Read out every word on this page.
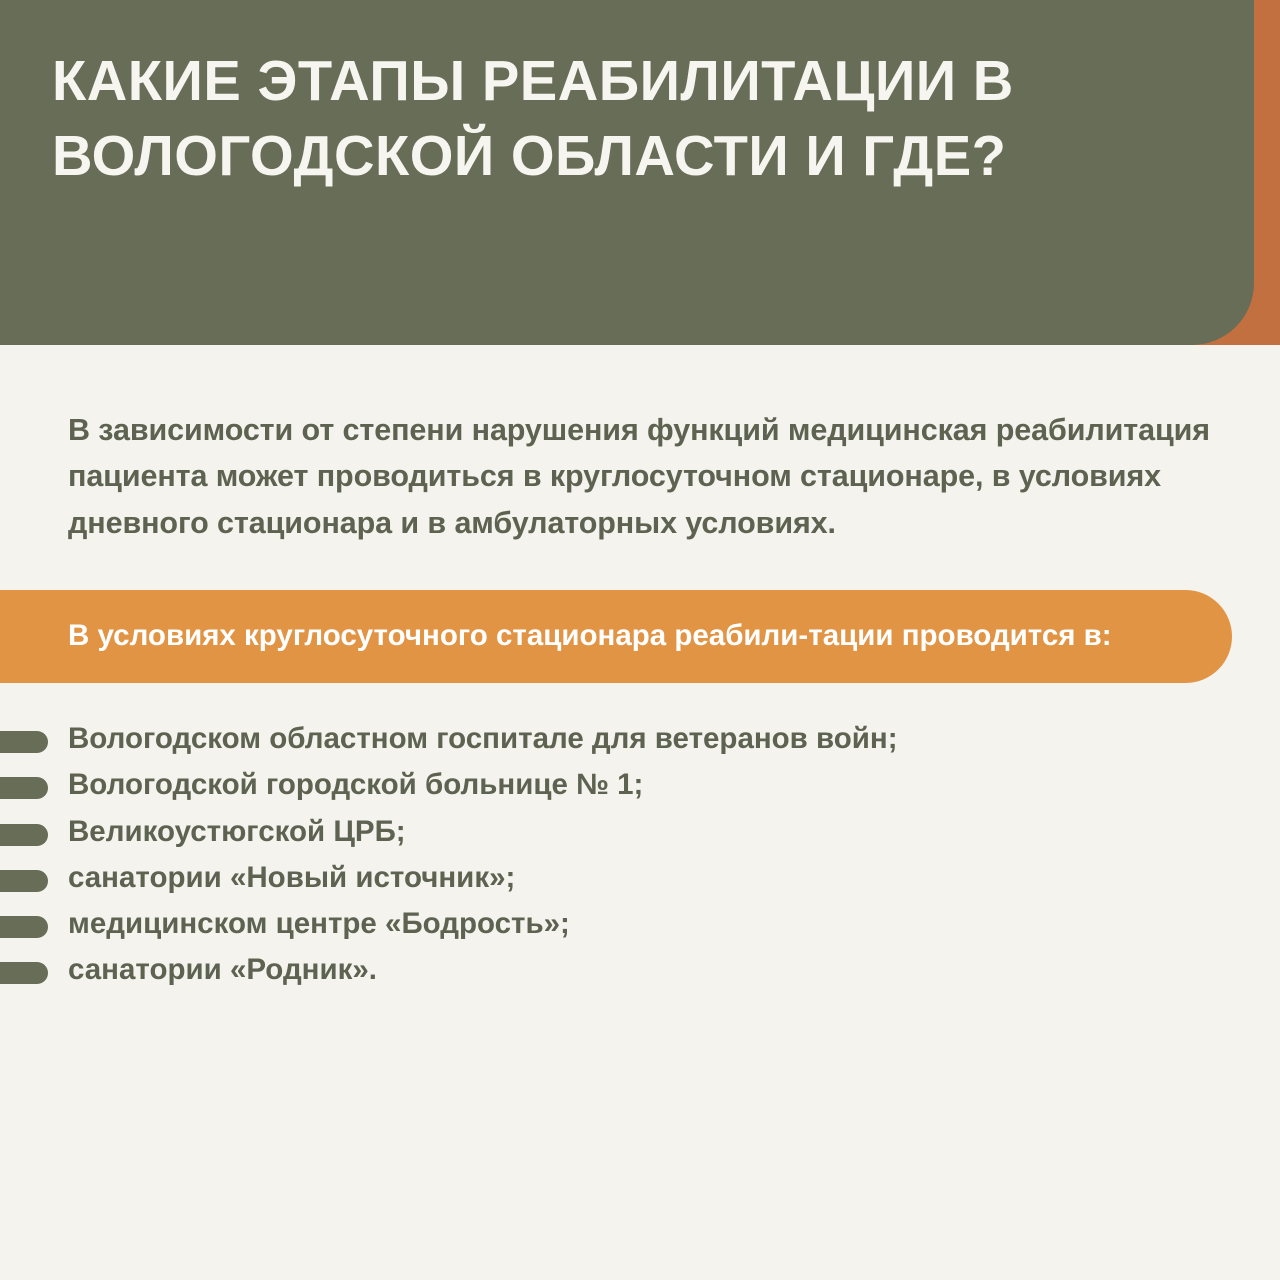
КАКИЕ ЭТАПЫ РЕАБИЛИТАЦИИ В ВОЛОГОДСКОЙ ОБЛАСТИ И ГДЕ?

В зависимости от степени нарушения функций медицинская реабилитация пациента может проводиться в круглосуточном стационаре, в условиях дневного стационара и в амбулаторных условиях.

В условиях круглосуточного стационара реабили-тации проводится в:
Вологодском областном госпитале для ветеранов войн;
Вологодской городской больнице № 1;
Великоустюгской ЦРБ;
санатории «Новый источник»;
медицинском центре «Бодрость»;
санатории «Родник».
